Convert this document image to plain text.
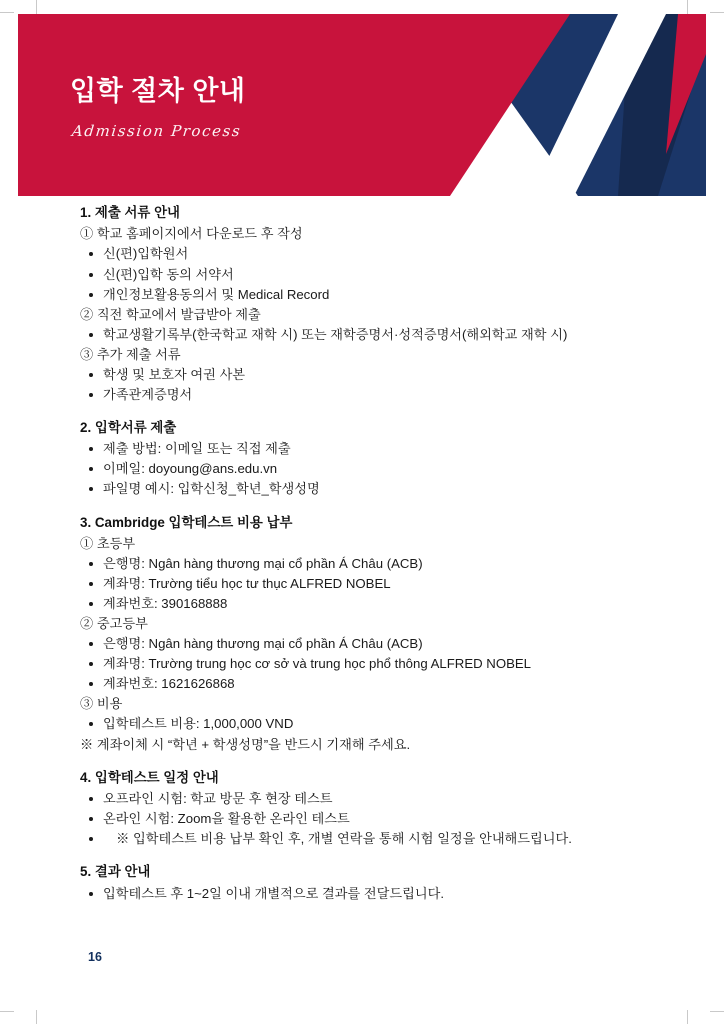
입학 절차 안내
Admission Process
1. 제출 서류 안내
① 학교 홈페이지에서 다운로드 후 작성
신(편)입학원서
신(편)입학 동의 서약서
개인정보활용동의서 및 Medical Record
② 직전 학교에서 발급받아 제출
학교생활기록부(한국학교 재학 시) 또는 재학증명서·성적증명서(해외학교 재학 시)
③ 추가 제출 서류
학생 및 보호자 여권 사본
가족관계증명서
2. 입학서류 제출
제출 방법: 이메일 또는 직접 제출
이메일: doyoung@ans.edu.vn
파일명 예시: 입학신청_학년_학생성명
3. Cambridge 입학테스트 비용 납부
① 초등부
은행명: Ngân hàng thương mại cổ phần Á Châu (ACB)
계좌명: Trường tiểu học tư thục ALFRED NOBEL
계좌번호: 390168888
② 중고등부
은행명: Ngân hàng thương mại cổ phần Á Châu (ACB)
계좌명: Trường trung học cơ sở và trung học phổ thông ALFRED NOBEL
계좌번호: 1621626868
③ 비용
입학테스트 비용: 1,000,000 VND
※ 계좌이체 시 “학년 + 학생성명”을 반드시 기재해 주세요.
4. 입학테스트 일정 안내
오프라인 시험: 학교 방문 후 현장 테스트
온라인 시험: Zoom을 활용한 온라인 테스트
　※ 입학테스트 비용 납부 확인 후, 개별 연락을 통해 시험 일정을 안내해드립니다.
5. 결과 안내
입학테스트 후 1~2일 이내 개별적으로 결과를 전달드립니다.
16
